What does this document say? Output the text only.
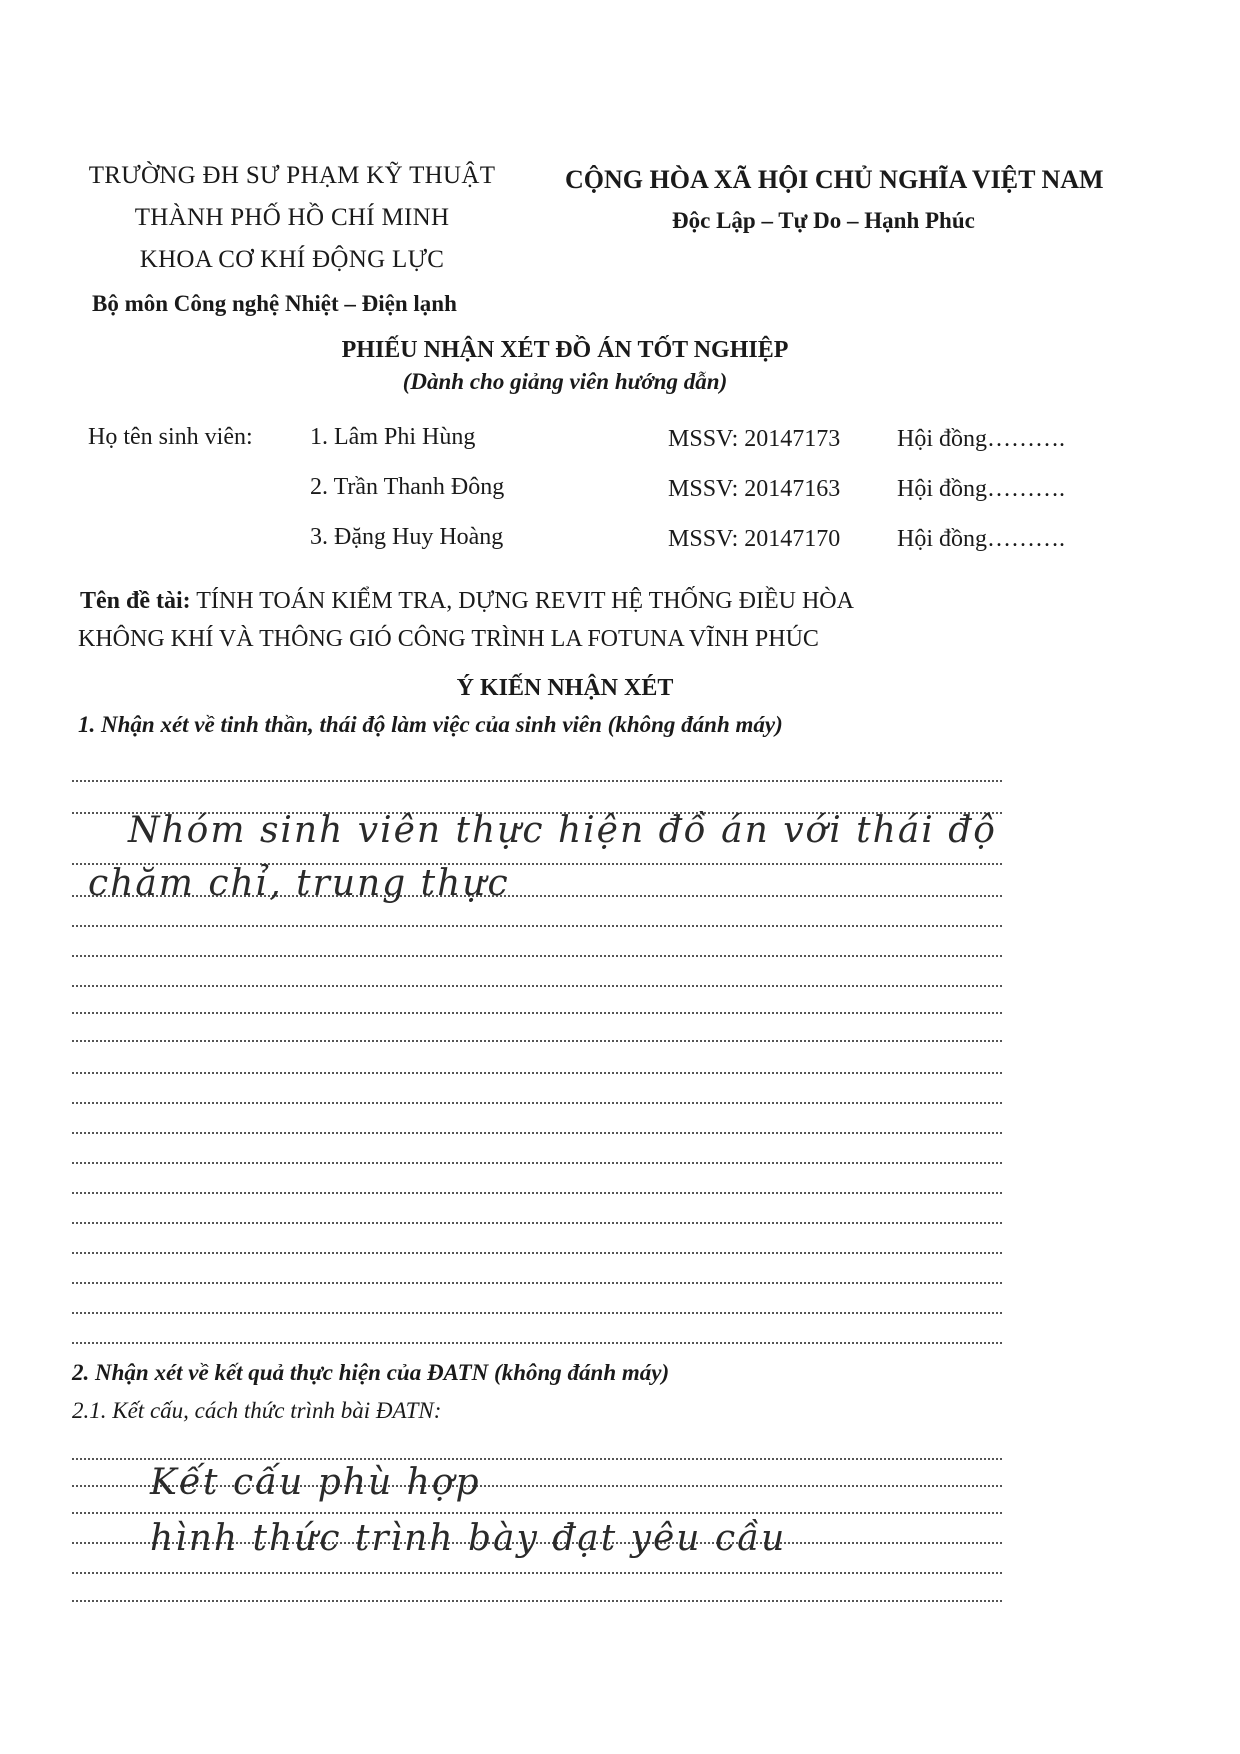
TRƯỜNG ĐH SƯ PHẠM KỸ THUẬT
THÀNH PHỐ HỒ CHÍ MINH
KHOA CƠ KHÍ ĐỘNG LỰC
Bộ môn Công nghệ Nhiệt – Điện lạnh
CỘNG HÒA XÃ HỘI CHỦ NGHĨA VIỆT NAM
Độc Lập – Tự Do – Hạnh Phúc
PHIẾU NHẬN XÉT ĐỒ ÁN TỐT NGHIỆP
(Dành cho giảng viên hướng dẫn)
Họ tên sinh viên: 1. Lâm Phi Hùng	MSSV: 20147173 Hội đồng……….
2. Trần Thanh Đông	MSSV: 20147163 Hội đồng……….
3. Đặng Huy Hoàng	MSSV: 20147170 Hội đồng……….
Tên đề tài: TÍNH TOÁN KIỂM TRA, DỰNG REVIT HỆ THỐNG ĐIỀU HÒA
KHÔNG KHÍ VÀ THÔNG GIÓ CÔNG TRÌNH LA FOTUNA VĨNH PHÚC
Ý KIẾN NHẬN XÉT
1. Nhận xét về tinh thần, thái độ làm việc của sinh viên (không đánh máy)
Nhóm sinh viên thực hiện đồ án với thái độ
chăm chỉ, trung thực
2. Nhận xét về kết quả thực hiện của ĐATN (không đánh máy)
2.1. Kết cấu, cách thức trình bài ĐATN:
Kết cấu phù hợp
hình thức trình bày đạt yêu cầu
